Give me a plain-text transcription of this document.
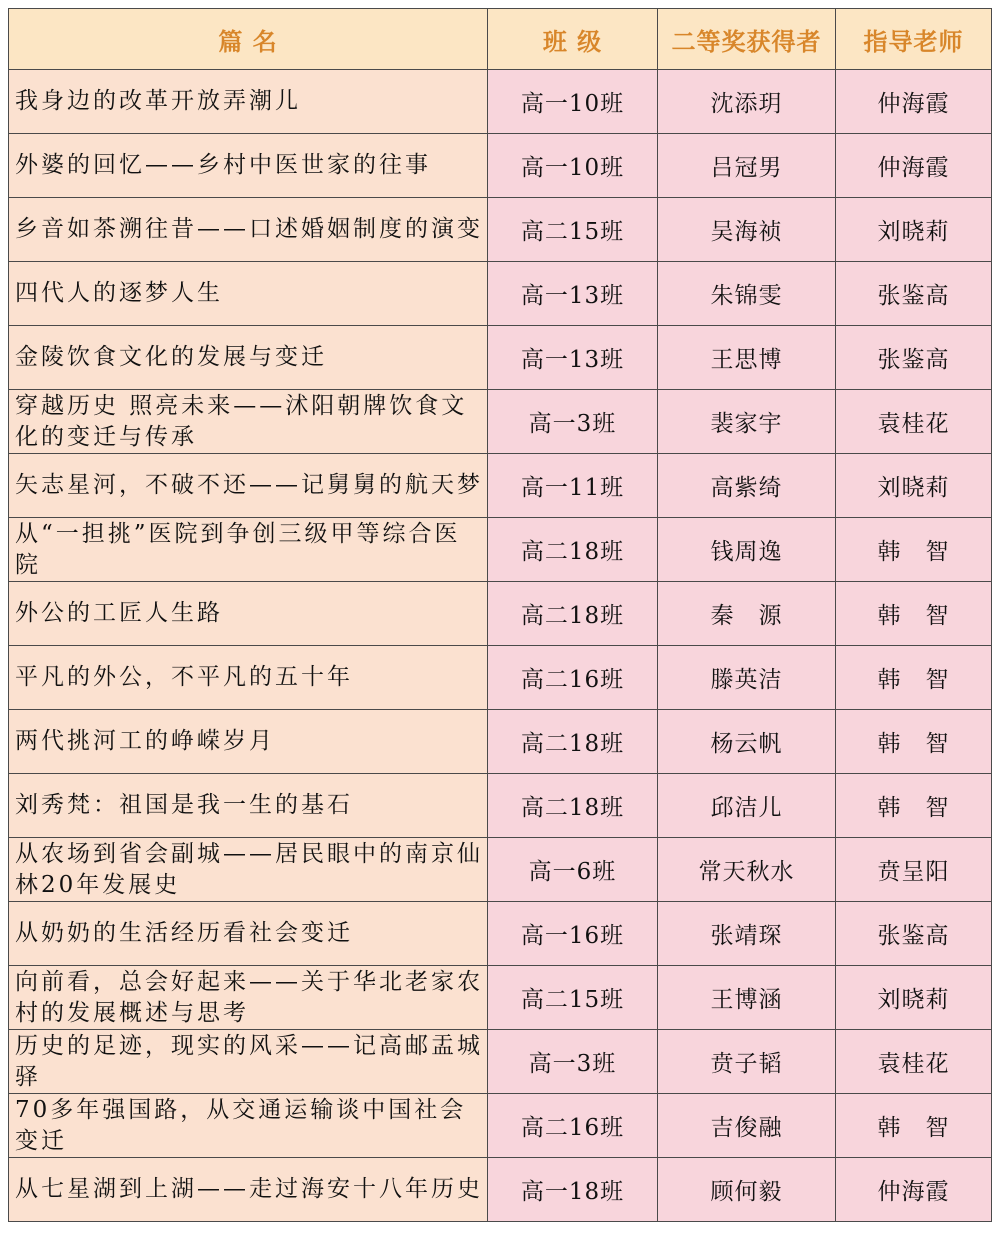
篇 名	班 级	二等奖获得者	指导老师
我身边的改革开放弄潮儿	高一10班	沈添玥	仲海霞
外婆的回忆——乡村中医世家的往事	高一10班	吕冠男	仲海霞
乡音如茶溯往昔——口述婚姻制度的演变	高二15班	吴海祯	刘晓莉
四代人的逐梦人生	高一13班	朱锦雯	张鉴高
金陵饮食文化的发展与变迁	高一13班	王思博	张鉴高
穿越历史 照亮未来——沭阳朝牌饮食文化的变迁与传承	高一3班	裴家宇	袁桂花
矢志星河，不破不还——记舅舅的航天梦	高一11班	高紫绮	刘晓莉
从“一担挑”医院到争创三级甲等综合医院	高二18班	钱周逸	韩　智
外公的工匠人生路	高二18班	秦　源	韩　智
平凡的外公，不平凡的五十年	高二16班	滕英洁	韩　智
两代挑河工的峥嵘岁月	高二18班	杨云帆	韩　智
刘秀梵：祖国是我一生的基石	高二18班	邱洁儿	韩　智
从农场到省会副城——居民眼中的南京仙林20年发展史	高一6班	常天秋水	贲呈阳
从奶奶的生活经历看社会变迁	高一16班	张靖琛	张鉴高
向前看，总会好起来——关于华北老家农村的发展概述与思考	高二15班	王博涵	刘晓莉
历史的足迹，现实的风采——记高邮盂城驿	高一3班	贲子韬	袁桂花
70多年强国路，从交通运输谈中国社会变迁	高二16班	吉俊融	韩　智
从七星湖到上湖——走过海安十八年历史	高一18班	顾何毅	仲海霞
